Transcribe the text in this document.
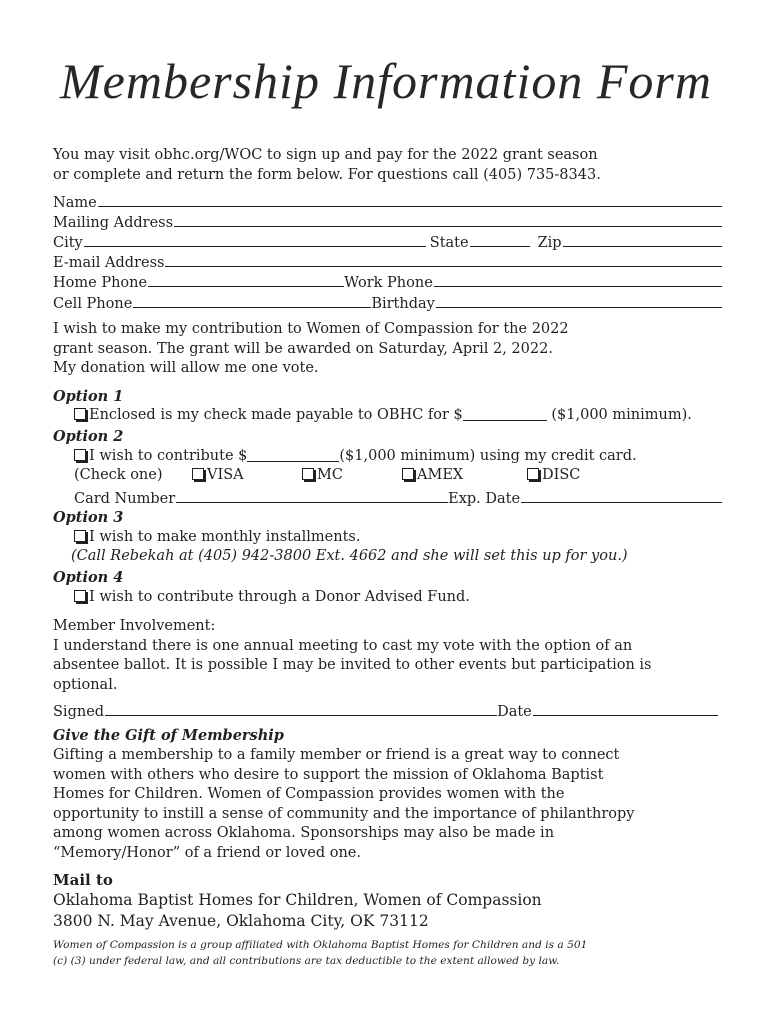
Membership Information Form
You may visit obhc.org/WOC to sign up and pay for the 2022 grant season
or complete and return the form below. For questions call (405) 735-8343.
Name
Mailing Address
City	State	Zip
E-mail Address
Home Phone	Work Phone
Cell Phone	Birthday
I wish to make my contribution to Women of Compassion for the 2022
grant season. The grant will be awarded on Saturday, April 2, 2022.
My donation will allow me one vote.
Option 1
Enclosed is my check made payable to OBHC for $	($1,000 minimum).
Option 2
I wish to contribute $	($1,000 minimum) using my credit card.
(Check one)	VISA	MC	AMEX	DISC
Card Number	Exp. Date
Option 3
I wish to make monthly installments.
(Call Rebekah at (405) 942-3800 Ext. 4662 and she will set this up for you.)
Option 4
I wish to contribute through a Donor Advised Fund.
Member Involvement:
I understand there is one annual meeting to cast my vote with the option of an
absentee ballot. It is possible I may be invited to other events but participation is
optional.
Signed	Date
Give the Gift of Membership
Gifting a membership to a family member or friend is a great way to connect
women with others who desire to support the mission of Oklahoma Baptist
Homes for Children. Women of Compassion provides women with the
opportunity to instill a sense of community and the importance of philanthropy
among women across Oklahoma. Sponsorships may also be made in
“Memory/Honor” of a friend or loved one.
Mail to
Oklahoma Baptist Homes for Children, Women of Compassion
3800 N. May Avenue, Oklahoma City, OK 73112
Women of Compassion is a group affiliated with Oklahoma Baptist Homes for Children and is a 501
(c) (3) under federal law, and all contributions are tax deductible to the extent allowed by law.
